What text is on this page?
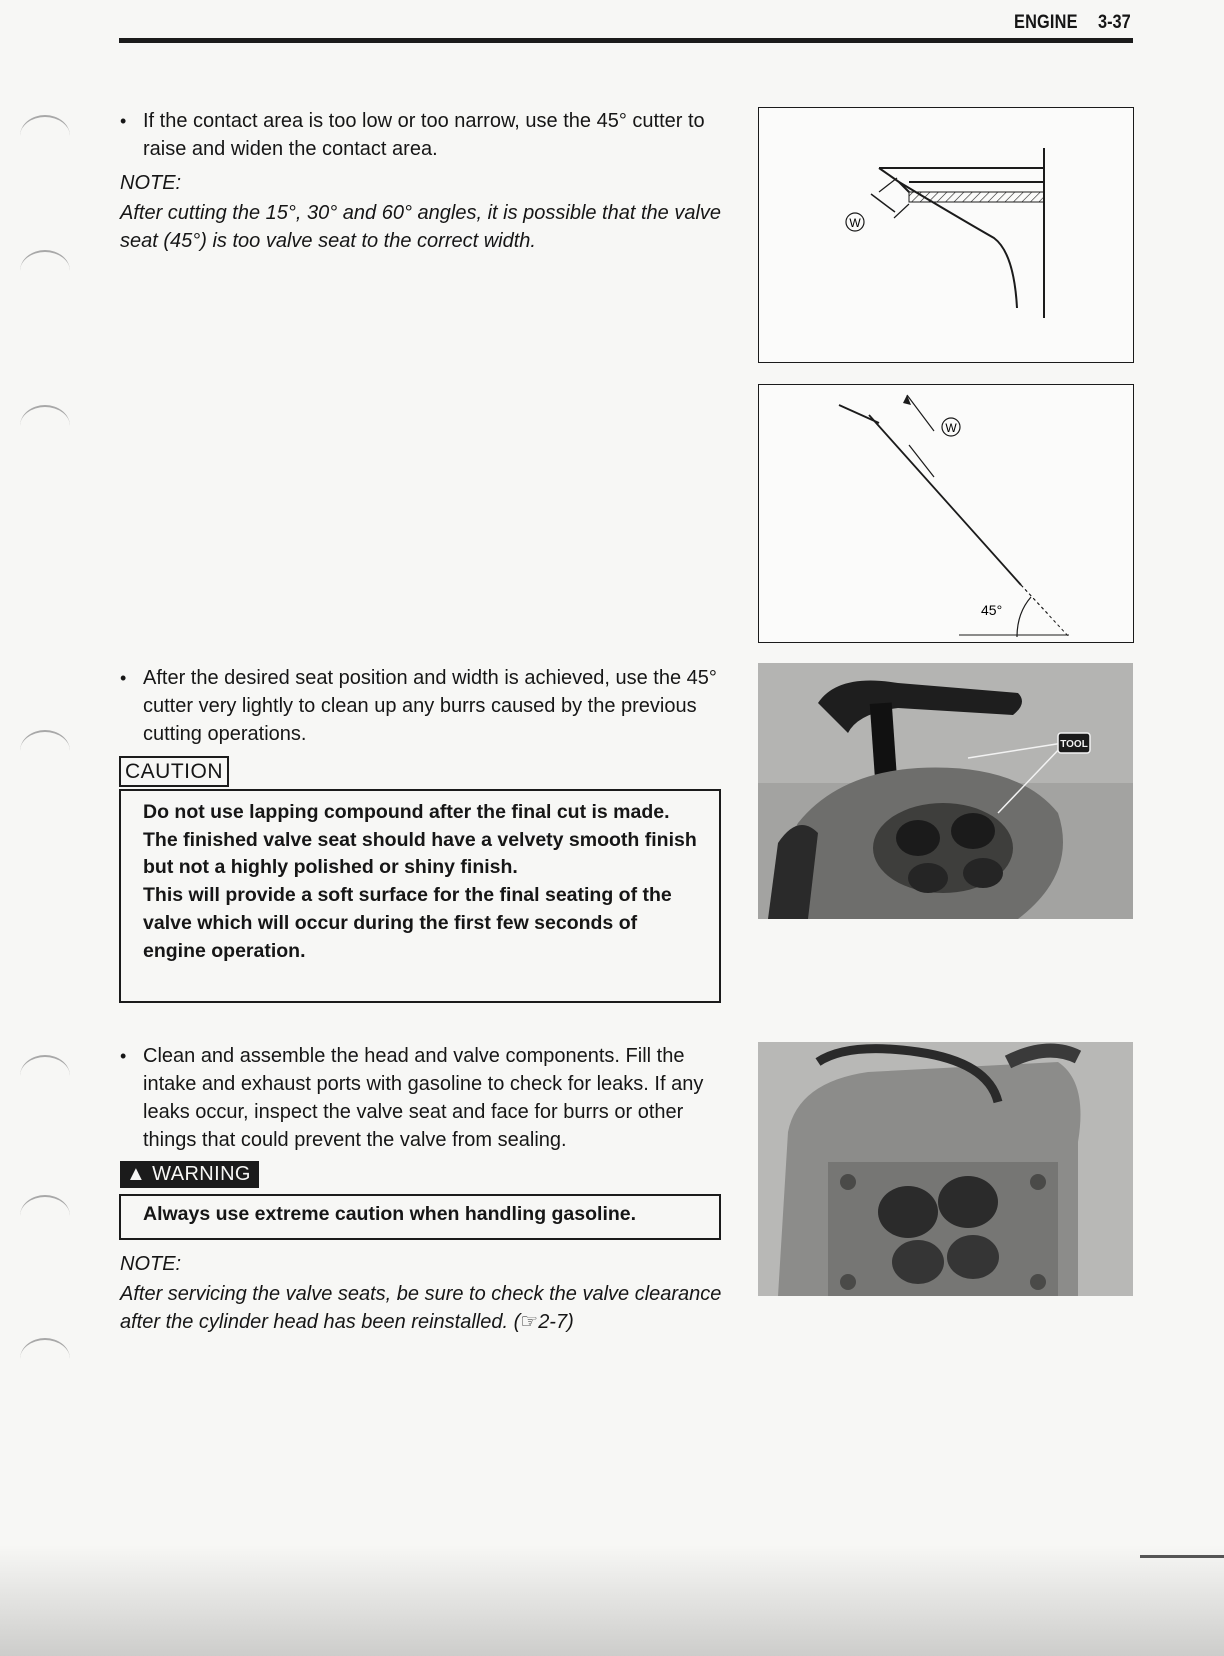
ENGINE 3-37
• If the contact area is too low or too narrow, use the 45° cutter to raise and widen the contact area.
NOTE:
After cutting the 15°, 30° and 60° angles, it is possible that the valve seat (45°) is too valve seat to the correct width.
W
W
45°
• After the desired seat position and width is achieved, use the 45° cutter very lightly to clean up any burrs caused by the previous cutting operations.	TOOL
CAUTION
Do not use lapping compound after the final cut is made. The finished valve seat should have a velvety smooth finish but not a highly polished or shiny finish.
This will provide a soft surface for the final seating of the valve which will occur during the first few seconds of engine operation.
• Clean and assemble the head and valve components. Fill the intake and exhaust ports with gasoline to check for leaks. If any leaks occur, inspect the valve seat and face for burrs or other things that could prevent the valve from sealing.
▲ WARNING
Always use extreme caution when handling gasoline.
NOTE:
After servicing the valve seats, be sure to check the valve clearance after the cylinder head has been reinstalled. (☞2-7)
